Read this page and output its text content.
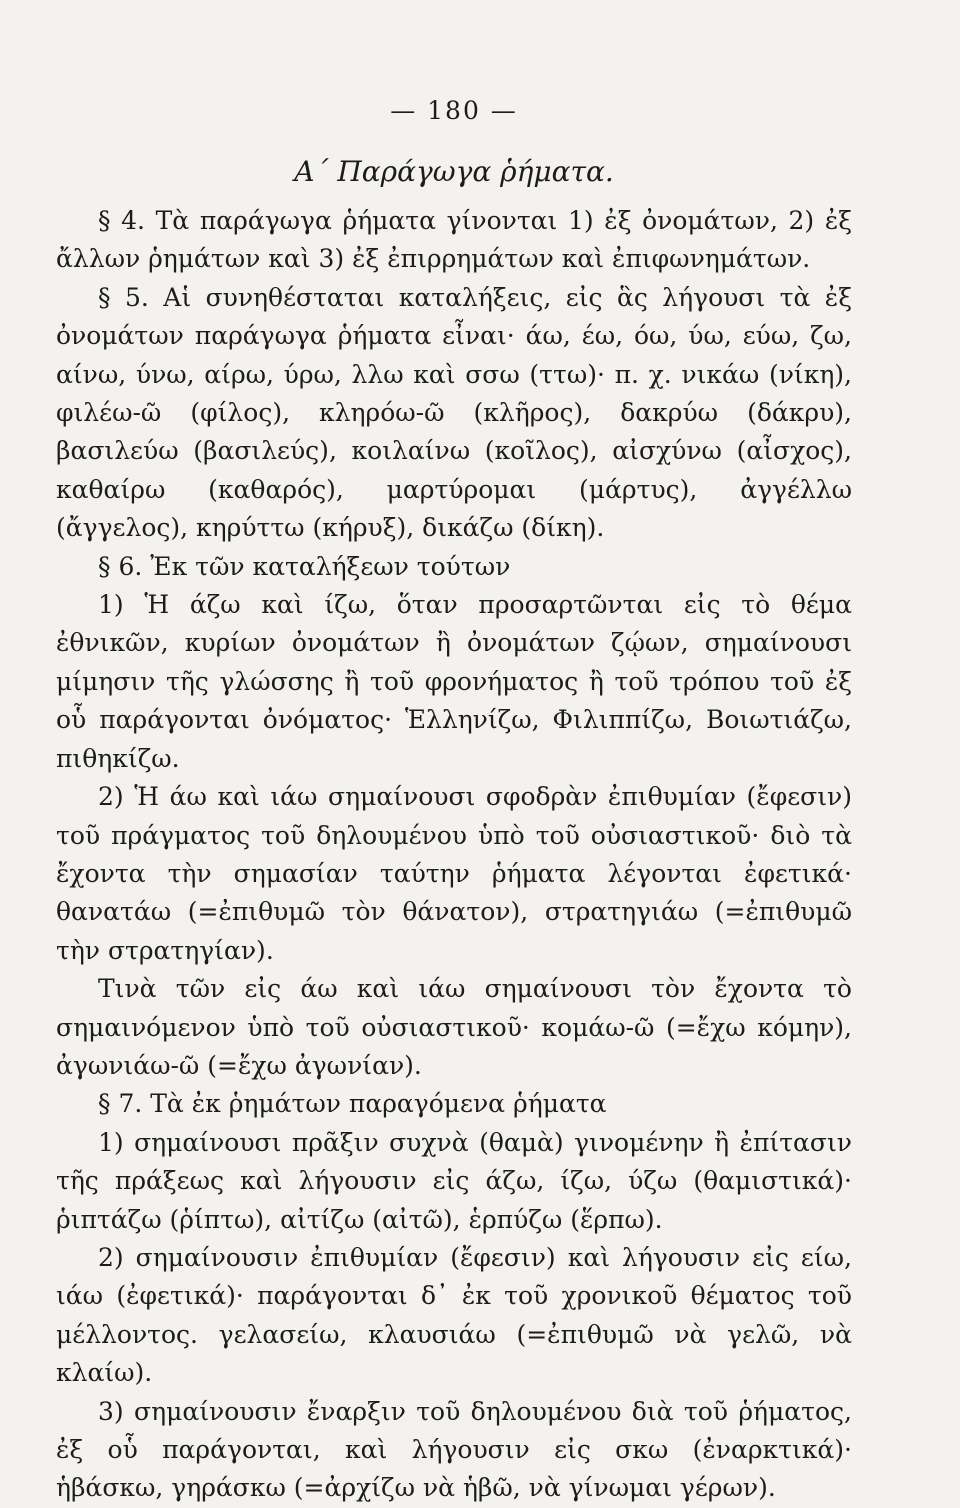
— 180 —
Α΄ Παράγωγα ῥήματα.

§ 4. Τὰ παράγωγα ῥήματα γίνονται 1) ἐξ ὀνομάτων, 2) ἐξ ἄλλων ῥημάτων καὶ 3) ἐξ ἐπιρρημάτων καὶ ἐπιφωνημάτων.

§ 5. Αἱ συνηθέσταται καταλήξεις, εἰς ἃς λήγουσι τὰ ἐξ ὀνομάτων παράγωγα ῥήματα εἶναι· άω, έω, όω, ύω, εύω, ζω, αίνω, ύνω, αίρω, ύρω, λλω καὶ σσω (ττω)· π. χ. νικάω (νίκη), φιλέω-ῶ (φίλος), κληρόω-ῶ (κλῆρος), δακρύω (δάκρυ), βασιλεύω (βασιλεύς), κοιλαίνω (κοῖλος), αἰσχύνω (αἶσχος), καθαίρω (καθαρός), μαρτύρομαι (μάρτυς), ἀγγέλλω (ἄγγελος), κηρύττω (κήρυξ), δικάζω (δίκη).

§ 6. Ἐκ τῶν καταλήξεων τούτων

1) Ἡ άζω καὶ ίζω, ὅταν προσαρτῶνται εἰς τὸ θέμα ἐθνικῶν, κυρίων ὀνομάτων ἢ ὀνομάτων ζῴων, σημαίνουσι μίμησιν τῆς γλώσσης ἢ τοῦ φρονήματος ἢ τοῦ τρόπου τοῦ ἐξ οὗ παράγονται ὀνόματος· Ἑλληνίζω, Φιλιππίζω, Βοιωτιάζω, πιθηκίζω.

2) Ἡ άω καὶ ιάω σημαίνουσι σφοδρὰν ἐπιθυμίαν (ἔφεσιν) τοῦ πράγματος τοῦ δηλουμένου ὑπὸ τοῦ οὐσιαστικοῦ· διὸ τὰ ἔχοντα τὴν σημασίαν ταύτην ῥήματα λέγονται ἐφετικά· θανατάω (=ἐπιθυμῶ τὸν θάνατον), στρατηγιάω (=ἐπιθυμῶ τὴν στρατηγίαν).

Τινὰ τῶν εἰς άω καὶ ιάω σημαίνουσι τὸν ἔχοντα τὸ σημαινόμενον ὑπὸ τοῦ οὐσιαστικοῦ· κομάω-ῶ (=ἔχω κόμην), ἀγωνιάω-ῶ (=ἔχω ἀγωνίαν).

§ 7. Τὰ ἐκ ῥημάτων παραγόμενα ῥήματα

1) σημαίνουσι πρᾶξιν συχνὰ (θαμὰ) γινομένην ἢ ἐπίτασιν τῆς πράξεως καὶ λήγουσιν εἰς άζω, ίζω, ύζω (θαμιστικά)· ῥιπτάζω (ῥίπτω), αἰτίζω (αἰτῶ), ἑρπύζω (ἕρπω).

2) σημαίνουσιν ἐπιθυμίαν (ἔφεσιν) καὶ λήγουσιν εἰς είω, ιάω (ἐφετικά)· παράγονται δ᾽ ἐκ τοῦ χρονικοῦ θέματος τοῦ μέλλοντος. γελασείω, κλαυσιάω (=ἐπιθυμῶ νὰ γελῶ, νὰ κλαίω).

3) σημαίνουσιν ἔναρξιν τοῦ δηλουμένου διὰ τοῦ ῥήματος, ἐξ οὗ παράγονται, καὶ λήγουσιν εἰς σκω (ἐναρκτικά)· ἡβάσκω, γηράσκω (=ἀρχίζω νὰ ἡβῶ, νὰ γίνωμαι γέρων).
